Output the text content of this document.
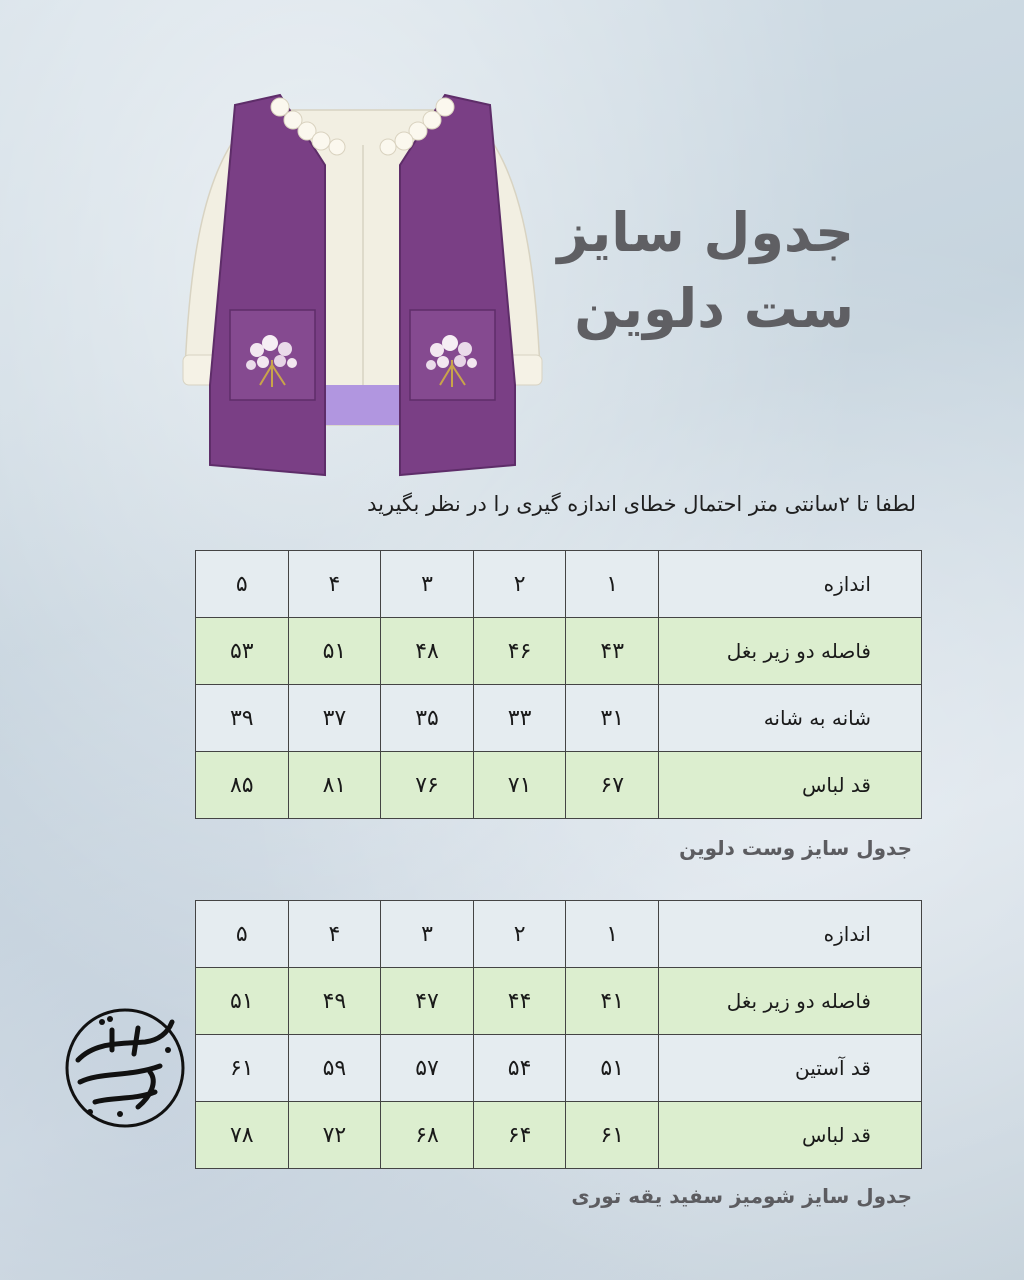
جدول سایز
ست دلوین
لطفا تا ۲سانتی متر احتمال خطای اندازه گیری را در نظر بگیرید
اندازه	۱	۲	۳	۴	۵
فاصله دو زیر بغل	۴۳	۴۶	۴۸	۵۱	۵۳
شانه به شانه	۳۱	۳۳	۳۵	۳۷	۳۹
قد لباس	۶۷	۷۱	۷۶	۸۱	۸۵
جدول سایز وست دلوین
اندازه	۱	۲	۳	۴	۵
فاصله دو زیر بغل	۴۱	۴۴	۴۷	۴۹	۵۱
قد آستین	۵۱	۵۴	۵۷	۵۹	۶۱
قد لباس	۶۱	۶۴	۶۸	۷۲	۷۸
جدول سایز شومیز سفید یقه توری
